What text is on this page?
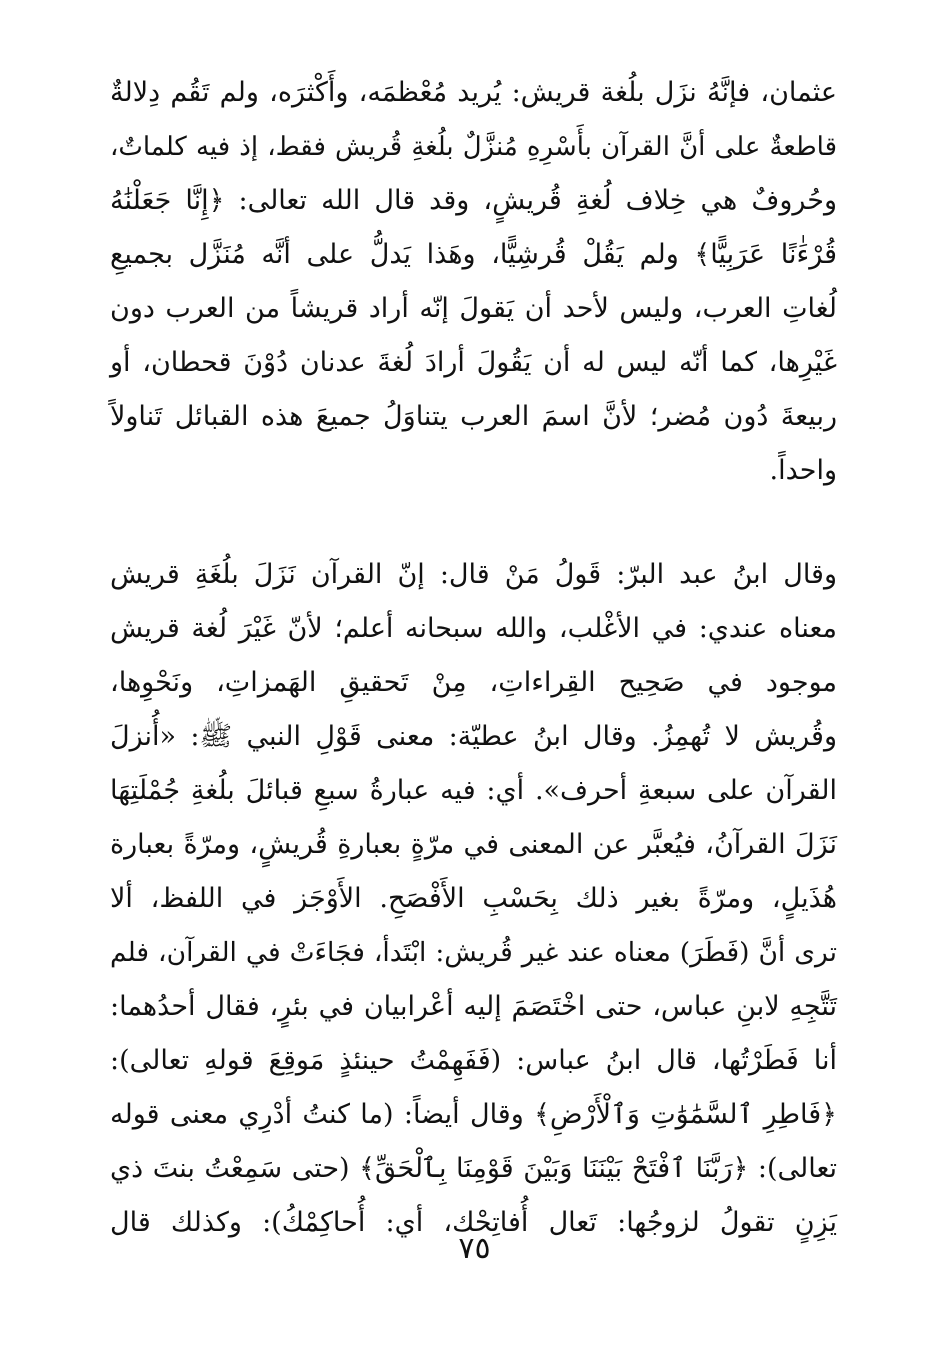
عثمان، فإنَّهُ نزَل بلُغة قريش: يُريد مُعْظمَه، وأَكْثرَه، ولم تَقُم دِلالةٌ
قاطعةٌ على أنَّ القرآن بأَسْرِهِ مُنزَّلٌ بلُغةِ قُريش فقط، إذ فيه كلماتٌ،
وحُروفٌ هي خِلاف لُغةِ قُريشٍ، وقد قال الله تعالى: ﴿إِنَّا جَعَلْنَٰهُ
قُرْءَٰنًا عَرَبِيًّا﴾ ولم يَقُلْ قُرشِيًّا، وهَذا يَدلُّ على أنَّه مُنَزَّل بجميعِ
لُغاتِ العرب، وليس لأحد أن يَقولَ إنّه أراد قريشاً من العرب دون
غَيْرِها، كما أنّه ليس له أن يَقُولَ أرادَ لُغةَ عدنان دُوْنَ قحطان، أو
ربيعةَ دُون مُضر؛ لأنَّ اسمَ العرب يتناوَلُ جميعَ هذه القبائل تَناولاً
واحداً.
وقال ابنُ عبد البرّ: قَولُ مَنْ قال: إنّ القرآن نَزَلَ بلُغَةِ قريش
معناه عندي: في الأغْلب، والله سبحانه أعلم؛ لأنّ غَيْرَ لُغة قريش
موجود في صَحِيح القِراءاتِ، مِنْ تَحقيقِ الهَمزاتِ، ونَحْوِها،
وقُريش لا تُهمِزُ. وقال ابنُ عطيّة: معنى قَوْلِ النبي ﷺ: «أُنزلَ
القرآن على سبعةِ أحرف». أي: فيه عبارةُ سبعِ قبائلَ بلُغةِ جُمْلَتِهَا
نَزَلَ القرآنُ، فيُعبَّر عن المعنى في مرّةٍ بعبارةِ قُريشٍ، ومرّةً بعبارة
هُذَيلٍ، ومرّةً بغير ذلك بِحَسْبِ الأَفْصَحِ. الأَوْجَز في اللفظ، ألا
ترى أنَّ (فَطَرَ) معناه عند غير قُريش: ابْتَدأ، فجَاءَتْ في القرآن، فلم
تَتَّجِهِ لابنِ عباس، حتى اخْتَصَمَ إليه أعْرابيان في بئرٍ، فقال أحدُهما:
أنا فَطَرْتُها، قال ابنُ عباس: (فَفَهِمْتُ حينئذٍ مَوقِعَ قولهِ تعالى):
﴿فَاطِرِ ٱلسَّمَٰوَٰتِ وَٱلْأَرْضِ﴾ وقال أيضاً: (ما كنتُ أدْرِي معنى قوله
تعالى): ﴿رَبَّنَا ٱفْتَحْ بَيْنَنَا وَبَيْنَ قَوْمِنَا بِٱلْحَقِّ﴾ (حتى سَمِعْتُ بنتَ ذي
يَزِنٍ تقولُ لزوجُها: تَعال أُفاتِحْك، أي: أُحاكِمْكُ): وكذلك قال
٧٥
